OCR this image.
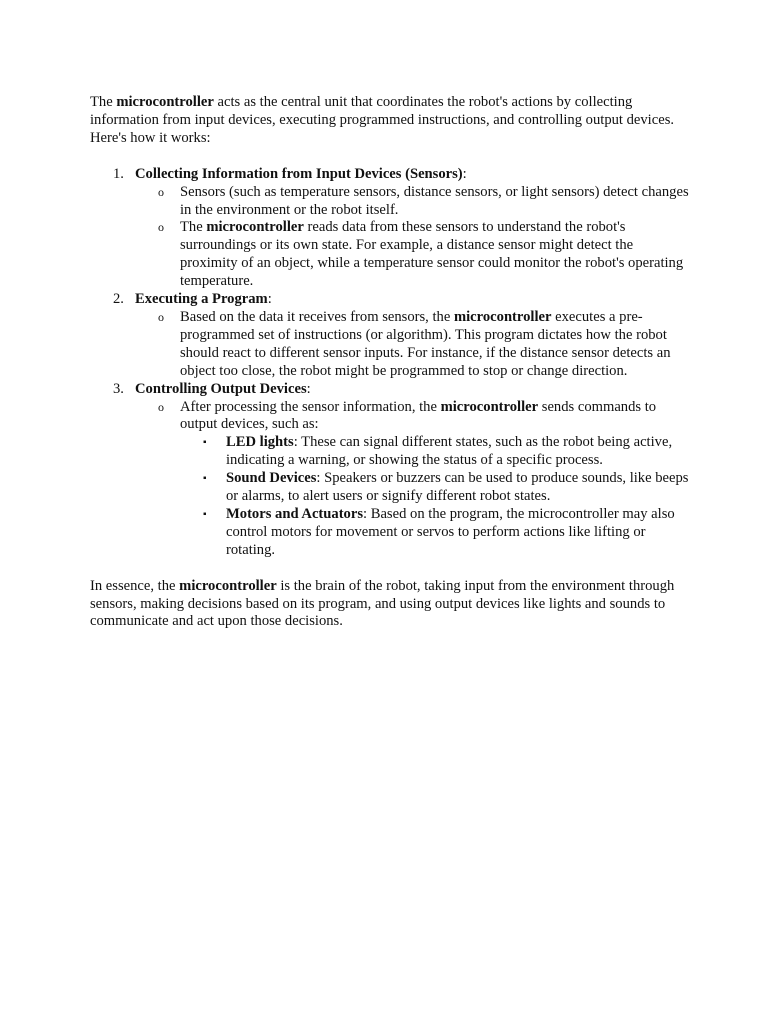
The microcontroller acts as the central unit that coordinates the robot's actions by collecting information from input devices, executing programmed instructions, and controlling output devices. Here's how it works:

1. Collecting Information from Input Devices (Sensors):
o Sensors (such as temperature sensors, distance sensors, or light sensors) detect changes in the environment or the robot itself.
o The microcontroller reads data from these sensors to understand the robot's surroundings or its own state. For example, a distance sensor might detect the proximity of an object, while a temperature sensor could monitor the robot's operating temperature.
2. Executing a Program:
o Based on the data it receives from sensors, the microcontroller executes a pre-programmed set of instructions (or algorithm). This program dictates how the robot should react to different sensor inputs. For instance, if the distance sensor detects an object too close, the robot might be programmed to stop or change direction.
3. Controlling Output Devices:
o After processing the sensor information, the microcontroller sends commands to output devices, such as:
▪ LED lights: These can signal different states, such as the robot being active, indicating a warning, or showing the status of a specific process.
▪ Sound Devices: Speakers or buzzers can be used to produce sounds, like beeps or alarms, to alert users or signify different robot states.
▪ Motors and Actuators: Based on the program, the microcontroller may also control motors for movement or servos to perform actions like lifting or rotating.

In essence, the microcontroller is the brain of the robot, taking input from the environment through sensors, making decisions based on its program, and using output devices like lights and sounds to communicate and act upon those decisions.
